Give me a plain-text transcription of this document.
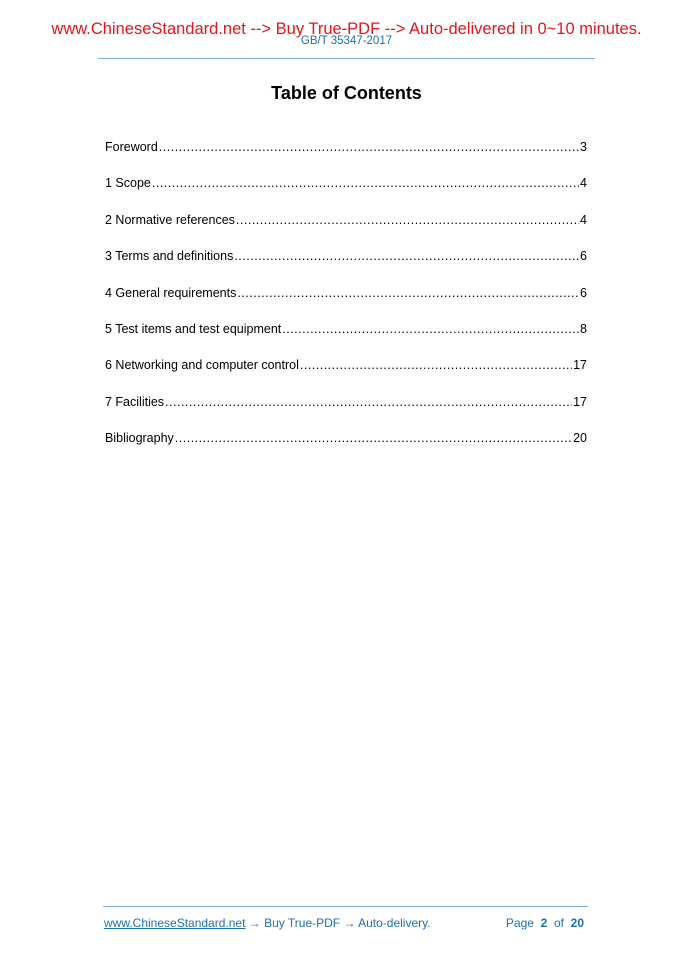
www.ChineseStandard.net --> Buy True-PDF --> Auto-delivered in 0~10 minutes.
GB/T 35347-2017
Table of Contents
Foreword .....	3
1 Scope .....	4
2 Normative references .....	4
3 Terms and definitions .....	6
4 General requirements .....	6
5 Test items and test equipment .....	8
6 Networking and computer control .....	17
7 Facilities .....	17
Bibliography .....	20
www.ChineseStandard.net → Buy True-PDF → Auto-delivery.	Page 2 of 20
